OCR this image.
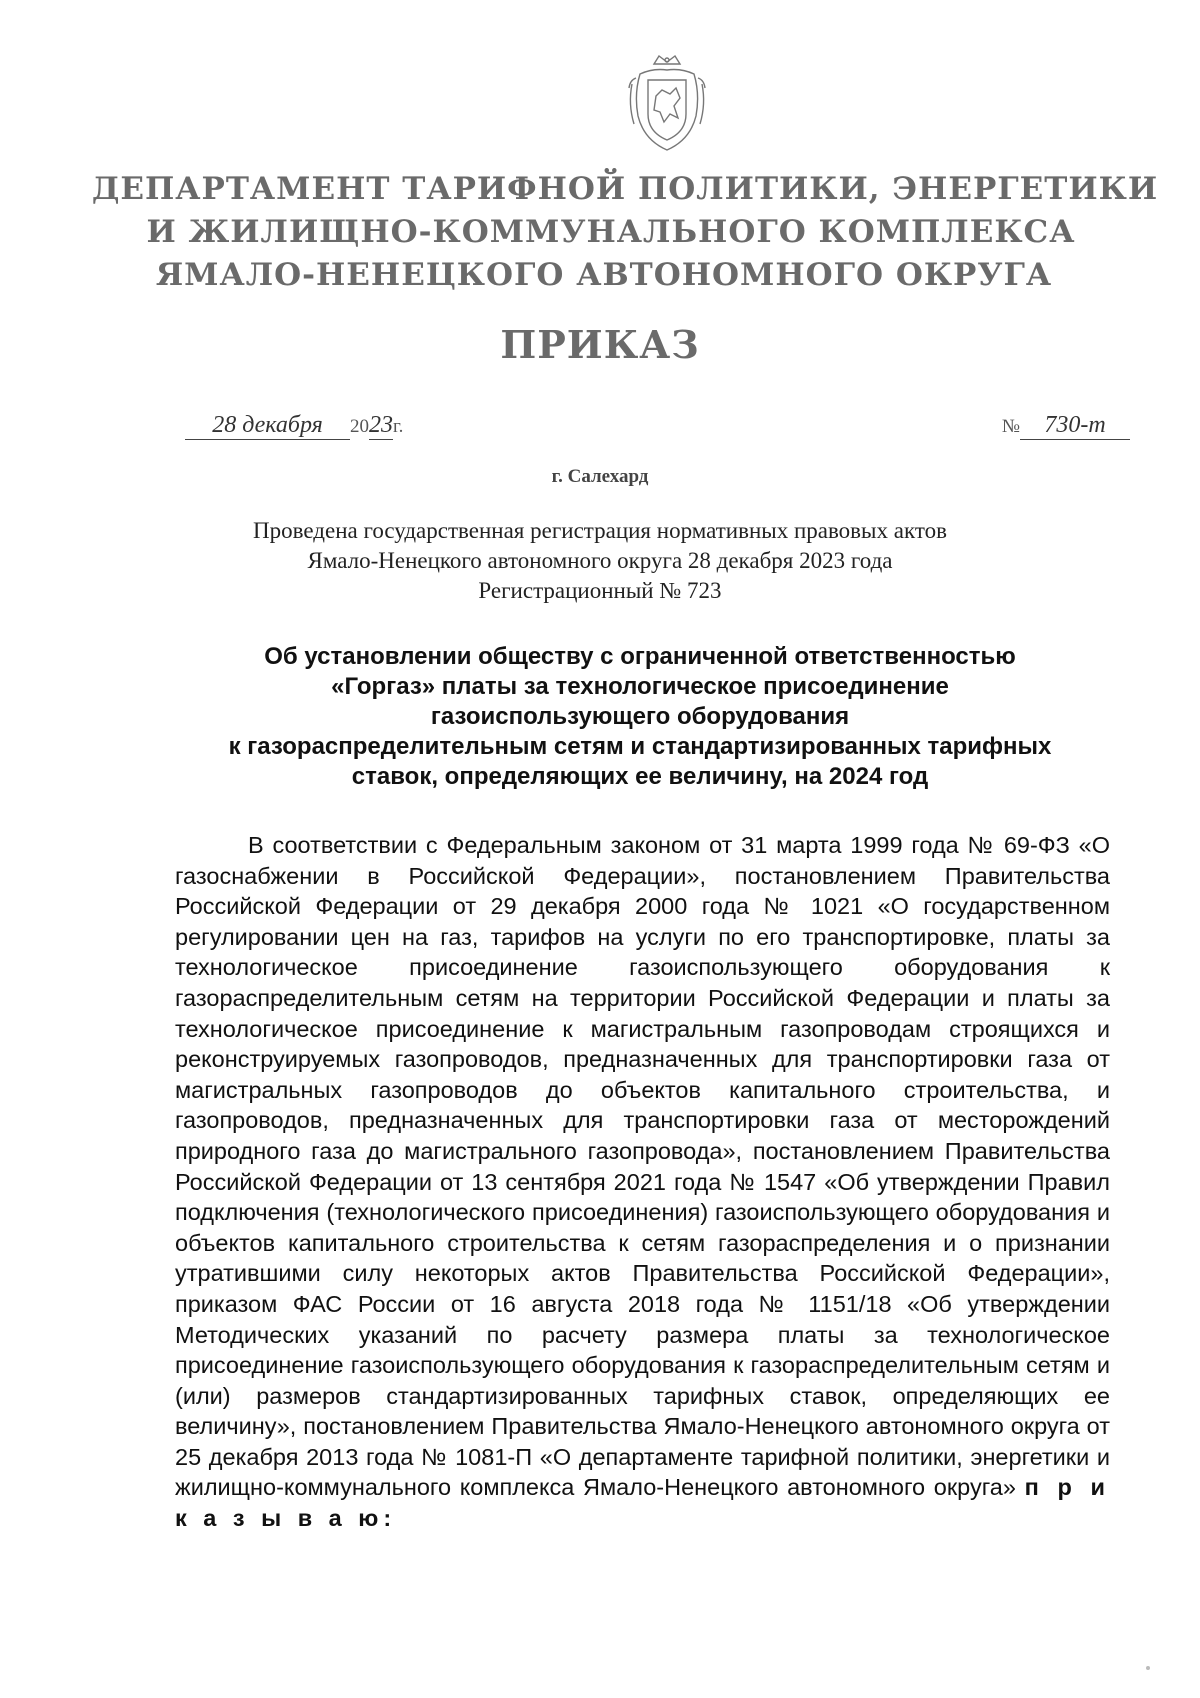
ДЕПАРТАМЕНТ ТАРИФНОЙ ПОЛИТИКИ, ЭНЕРГЕТИКИ
И ЖИЛИЩНО-КОММУНАЛЬНОГО КОМПЛЕКСА
ЯМАЛО-НЕНЕЦКОГО АВТОНОМНОГО ОКРУГА
ПРИКАЗ
28 декабря 2023г.	№ 730-т
г. Салехард
Проведена государственная регистрация нормативных правовых актов
Ямало-Ненецкого автономного округа 28 декабря 2023 года
Регистрационный № 723
Об установлении обществу с ограниченной ответственностью
«Горгаз» платы за технологическое присоединение
газоиспользующего оборудования
к газораспределительным сетям и стандартизированных тарифных
ставок, определяющих ее величину, на 2024 год
В соответствии с Федеральным законом от 31 марта 1999 года № 69-ФЗ «О газоснабжении в Российской Федерации», постановлением Правительства Российской Федерации от 29 декабря 2000 года № 1021 «О государственном регулировании цен на газ, тарифов на услуги по его транспортировке, платы за технологическое присоединение газоиспользующего оборудования к газораспределительным сетям на территории Российской Федерации и платы за технологическое присоединение к магистральным газопроводам строящихся и реконструируемых газопроводов, предназначенных для транспортировки газа от магистральных газопроводов до объектов капитального строительства, и газопроводов, предназначенных для транспортировки газа от месторождений природного газа до магистрального газопровода», постановлением Правительства Российской Федерации от 13 сентября 2021 года № 1547 «Об утверждении Правил подключения (технологического присоединения) газоиспользующего оборудования и объектов капитального строительства к сетям газораспределения и о признании утратившими силу некоторых актов Правительства Российской Федерации», приказом ФАС России от 16 августа 2018 года № 1151/18 «Об утверждении Методических указаний по расчету размера платы за технологическое присоединение газоиспользующего оборудования к газораспределительным сетям и (или) размеров стандартизированных тарифных ставок, определяющих ее величину», постановлением Правительства Ямало-Ненецкого автономного округа от 25 декабря 2013 года № 1081-П «О департаменте тарифной политики, энергетики и жилищно-коммунального комплекса Ямало-Ненецкого автономного округа» п р и к а з ы в а ю:
